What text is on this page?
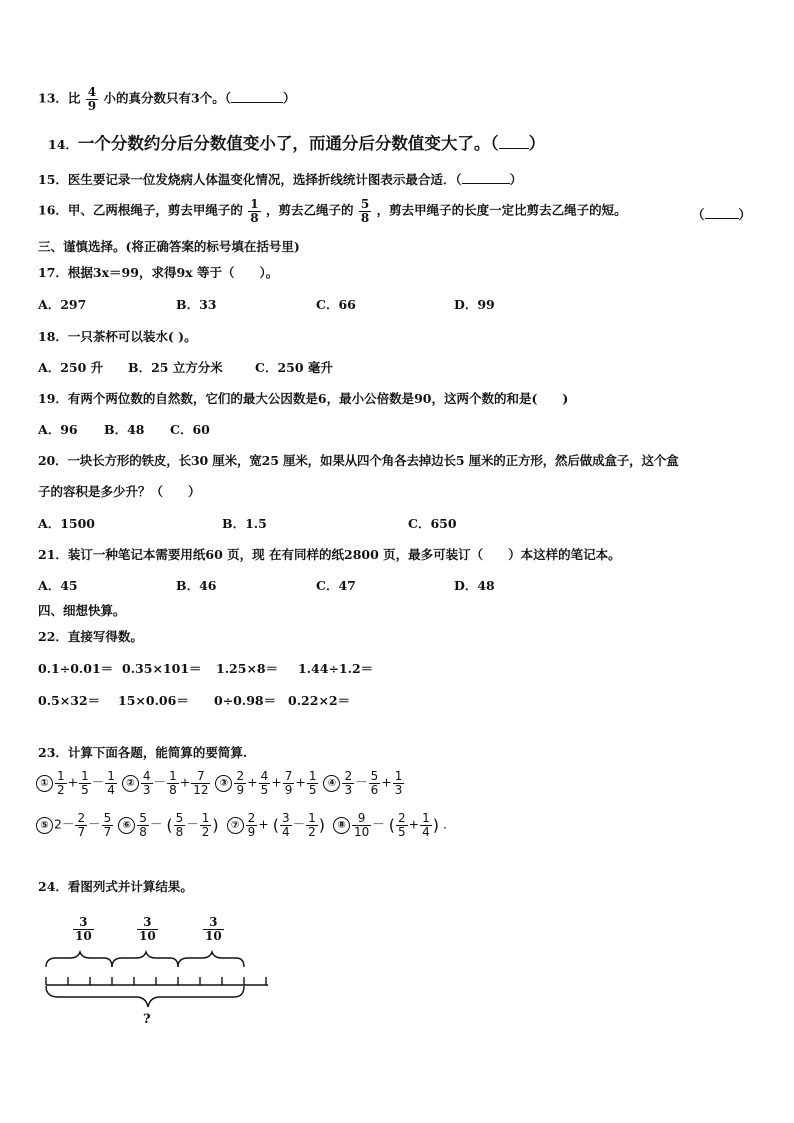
13．比 $\frac{4}{9}$ 小的真分数只有3个。（	）
14．一个分数约分后分数值变小了，而通分后分数值变大了。（ ）
15．医生要记录一位发烧病人体温变化情况，选择折线统计图表示最合适．（	）
16．甲、乙两根绳子，剪去甲绳子的 $\frac{1}{8}$ ，剪去乙绳子的 $\frac{5}{8}$ ，剪去甲绳子的长度一定比剪去乙绳子的短。	（	）
三、谨慎选择。(将正确答案的标号填在括号里)
17．根据3x＝99，求得9x 等于（　　）。
A．297	B．33	C．66	D．99
18．一只茶杯可以装水( )。
A．250 升 B．25 立方分米	C．250 毫升
19．有两个两位数的自然数，它们的最大公因数是6，最小公倍数是90，这两个数的和是(　　)
A．96 B．48 C．60
20．一块长方形的铁皮，长30 厘米，宽25 厘米，如果从四个角各去掉边长5 厘米的正方形，然后做成盒子，这个盒
子的容积是多少升？（　　）
A．1500	B．1.5	C．650
21．装订一种笔记本需要用纸60 页，现 在有同样的纸2800 页，最多可装订（　　）本这样的笔记本。
A．45	B．46	C．47	D．48
四、细想快算。
22．直接写得数。
0.1÷0.01＝ 0.35×101＝ 1.25×8＝ 1.44÷1.2＝
0.5×32＝ 15×0.06＝ 0÷0.98＝ 0.22×2＝
23．计算下面各题，能简算的要简算.
① $\frac{1}{2} + \frac{1}{5} - \frac{1}{4}$ ② $\frac{4}{3} - \frac{1}{8} + \frac{7}{12}$ ③ $\frac{2}{9} + \frac{4}{5} + \frac{7}{9} + \frac{1}{5}$ ④ $\frac{2}{3} - \frac{5}{6} + \frac{1}{3}$
⑤ $2- \frac{2}{7} - \frac{5}{7}$ ⑥ $\frac{5}{8}$ － ( $\frac{5}{8} - \frac{1}{2}$ ) ⑦ $\frac{2}{9}$ + ( $\frac{3}{4} - \frac{1}{2}$ ) ⑧ $\frac{9}{10}$ － ( $\frac{2}{5} + \frac{1}{4}$ ) .
24．看图列式并计算结果。
$\frac{3}{10}$	$\frac{3}{10}$	$\frac{3}{10}$
?
